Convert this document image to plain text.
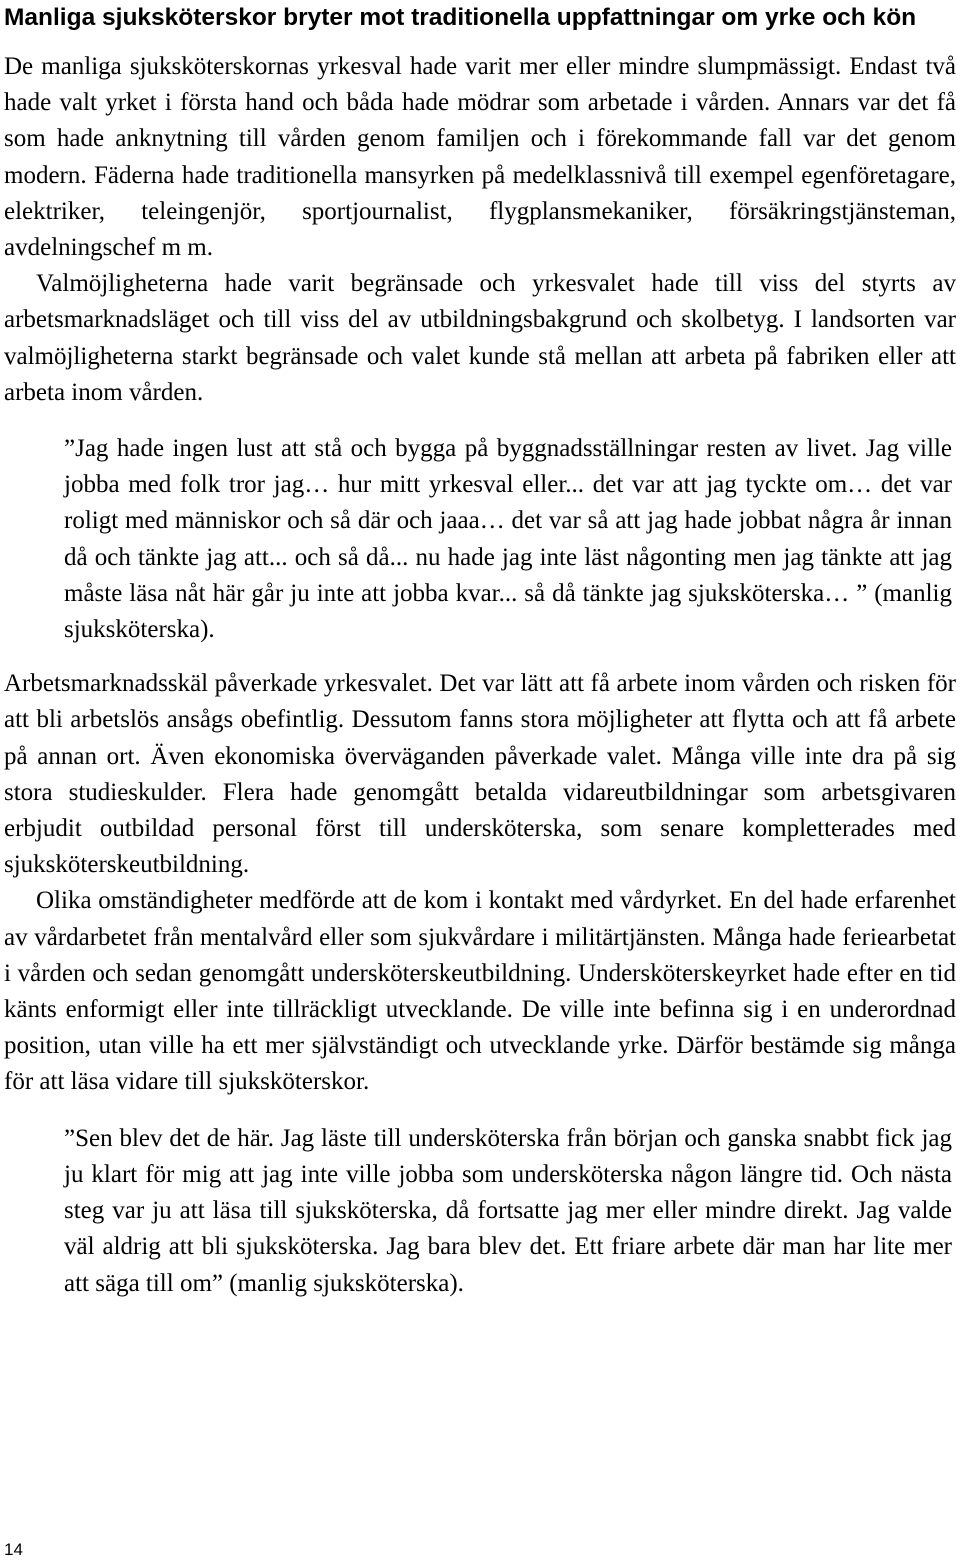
Manliga sjuksköterskor bryter mot traditionella uppfattningar om yrke och kön

De manliga sjuksköterskornas yrkesval hade varit mer eller mindre slumpmässigt. Endast två hade valt yrket i första hand och båda hade mödrar som arbetade i vården. Annars var det få som hade anknytning till vården genom familjen och i förekommande fall var det genom modern. Fäderna hade traditionella mansyrken på medelklassnivå till exempel egenföretagare, elektriker, teleingenjör, sportjournalist, flygplansmekaniker, försäkringstjänsteman, avdelningschef m m.

Valmöjligheterna hade varit begränsade och yrkesvalet hade till viss del styrts av arbetsmarknadsläget och till viss del av utbildningsbakgrund och skolbetyg. I landsorten var valmöjligheterna starkt begränsade och valet kunde stå mellan att arbeta på fabriken eller att arbeta inom vården.

”Jag hade ingen lust att stå och bygga på byggnadsställningar resten av livet. Jag ville jobba med folk tror jag… hur mitt yrkesval eller... det var att jag tyckte om… det var roligt med människor och så där och jaaa… det var så att jag hade jobbat några år innan då och tänkte jag att... och så då... nu hade jag inte läst någonting men jag tänkte att jag måste läsa nåt här går ju inte att jobba kvar... så då tänkte jag sjuksköterska… ” (manlig sjuksköterska).

Arbetsmarknadsskäl påverkade yrkesvalet. Det var lätt att få arbete inom vården och risken för att bli arbetslös ansågs obefintlig. Dessutom fanns stora möjligheter att flytta och att få arbete på annan ort. Även ekonomiska överväganden påverkade valet. Många ville inte dra på sig stora studieskulder. Flera hade genomgått betalda vidareutbildningar som arbetsgivaren erbjudit outbildad personal först till undersköterska, som senare kompletterades med sjuksköterskeutbildning.

Olika omständigheter medförde att de kom i kontakt med vårdyrket. En del hade erfarenhet av vårdarbetet från mentalvård eller som sjukvårdare i militärtjänsten. Många hade feriearbetat i vården och sedan genomgått undersköterskeutbildning. Undersköterskeyrket hade efter en tid känts enformigt eller inte tillräckligt utvecklande. De ville inte befinna sig i en underordnad position, utan ville ha ett mer självständigt och utvecklande yrke. Därför bestämde sig många för att läsa vidare till sjuksköterskor.

”Sen blev det de här. Jag läste till undersköterska från början och ganska snabbt fick jag ju klart för mig att jag inte ville jobba som undersköterska någon längre tid. Och nästa steg var ju att läsa till sjuksköterska, då fortsatte jag mer eller mindre direkt. Jag valde väl aldrig att bli sjuksköterska. Jag bara blev det. Ett friare arbete där man har lite mer att säga till om” (manlig sjuksköterska).

14
